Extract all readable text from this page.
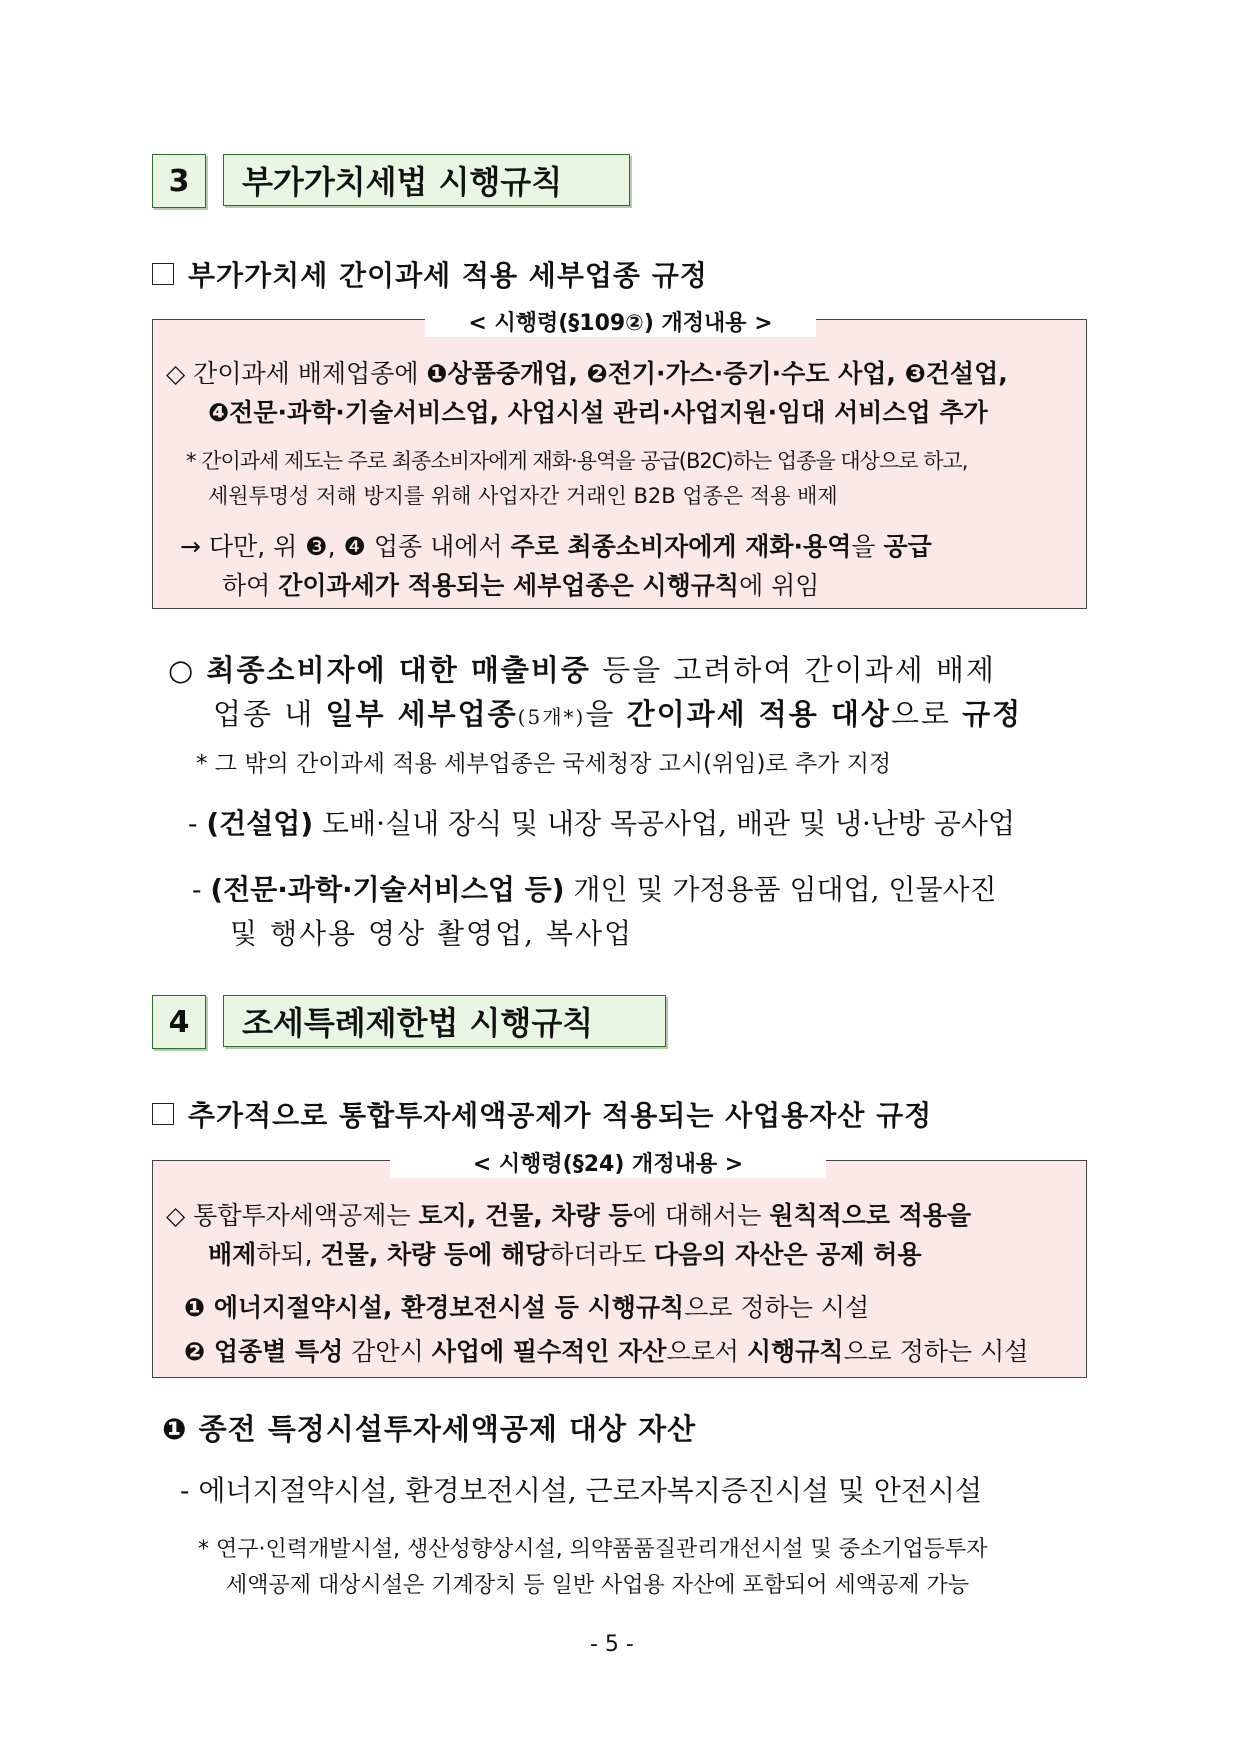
3 부가가치세법 시행규칙
부가가치세 간이과세 적용 세부업종 규정
< 시행령(§109②) 개정내용 >
◇ 간이과세 배제업종에 ❶상품중개업, ❷전기·가스·증기·수도 사업, ❸건설업,
❹전문·과학·기술서비스업, 사업시설 관리·사업지원·임대 서비스업 추가
* 간이과세 제도는 주로 최종소비자에게 재화·용역을 공급(B2C)하는 업종을 대상으로 하고,
세원투명성 저해 방지를 위해 사업자간 거래인 B2B 업종은 적용 배제
→ 다만, 위 ❸, ❹ 업종 내에서 주로 최종소비자에게 재화·용역을 공급
하여 간이과세가 적용되는 세부업종은 시행규칙에 위임
○ 최종소비자에 대한 매출비중 등을 고려하여 간이과세 배제
업종 내 일부 세부업종(5개*)을 간이과세 적용 대상으로 규정
* 그 밖의 간이과세 적용 세부업종은 국세청장 고시(위임)로 추가 지정
- (건설업) 도배·실내 장식 및 내장 목공사업, 배관 및 냉·난방 공사업
- (전문·과학·기술서비스업 등) 개인 및 가정용품 임대업, 인물사진
및 행사용 영상 촬영업, 복사업
4 조세특례제한법 시행규칙
추가적으로 통합투자세액공제가 적용되는 사업용자산 규정
< 시행령(§24) 개정내용 >
◇ 통합투자세액공제는 토지, 건물, 차량 등에 대해서는 원칙적으로 적용을
배제하되, 건물, 차량 등에 해당하더라도 다음의 자산은 공제 허용
❶ 에너지절약시설, 환경보전시설 등 시행규칙으로 정하는 시설
❷ 업종별 특성 감안시 사업에 필수적인 자산으로서 시행규칙으로 정하는 시설
❶ 종전 특정시설투자세액공제 대상 자산
- 에너지절약시설, 환경보전시설, 근로자복지증진시설 및 안전시설
* 연구·인력개발시설, 생산성향상시설, 의약품품질관리개선시설 및 중소기업등투자
세액공제 대상시설은 기계장치 등 일반 사업용 자산에 포함되어 세액공제 가능
- 5 -
